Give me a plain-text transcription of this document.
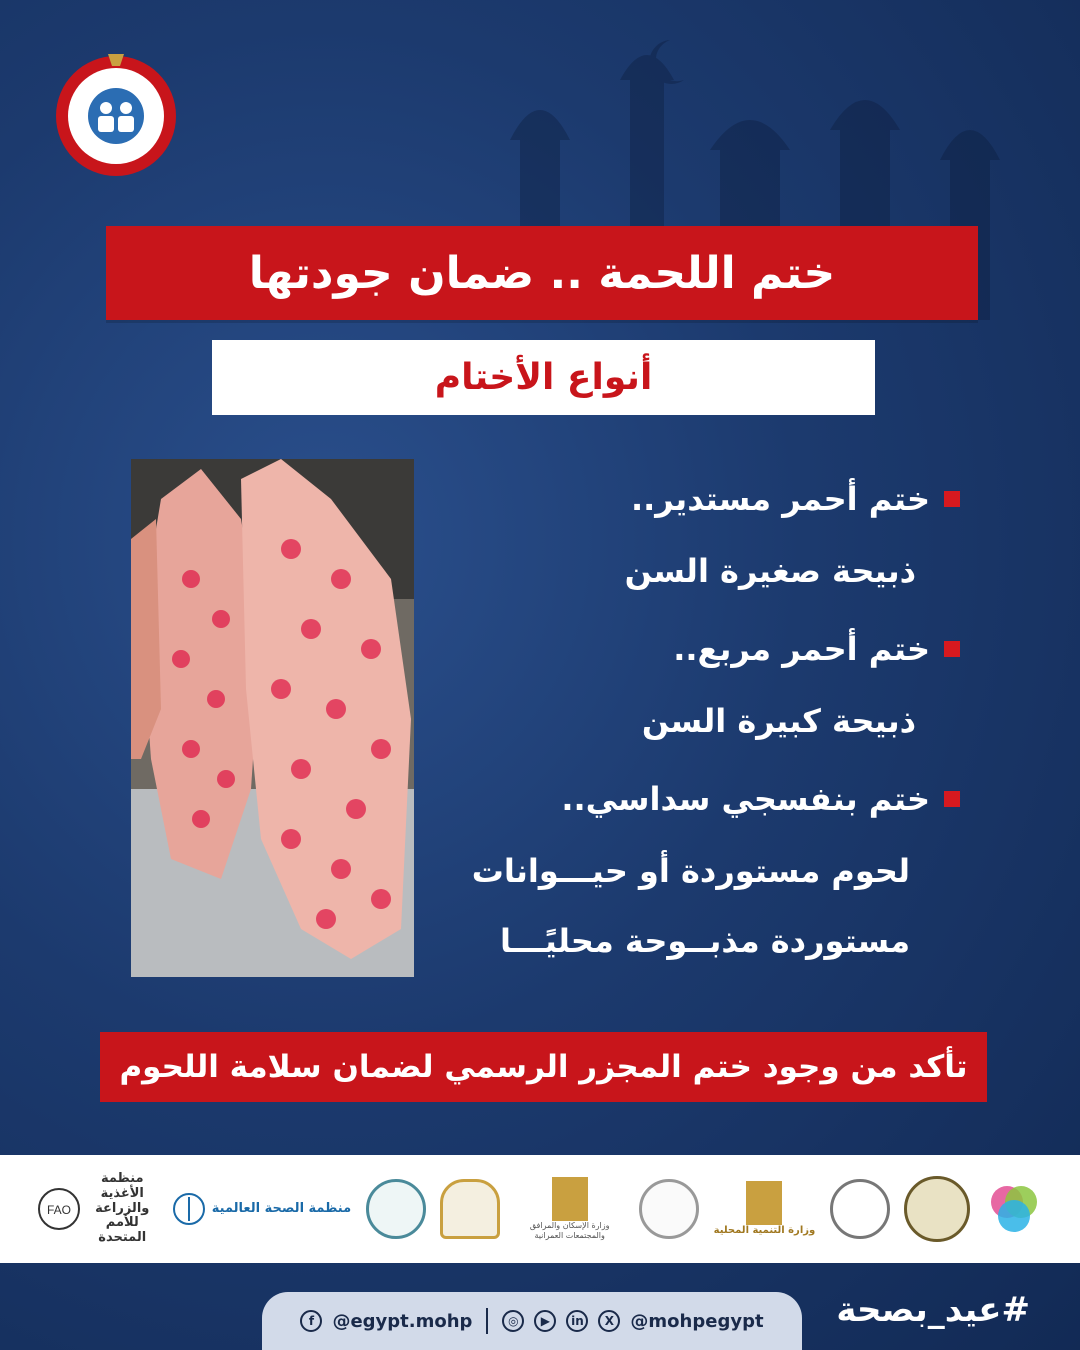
ختم اللحمة .. ضمان جودتها
أنواع الأختام
ختم أحمر مستدير
..
ذبيحة صغيرة السن
ختم أحمر مربع
..
ذبيحة كبيرة السن
ختم بنفسجي سداسي
..
لحوم مستوردة أو حيـــوانات
مستوردة مذبــوحة محليًـــا
تأكد من وجود ختم المجزر الرسمي لضمان سلامة اللحوم
منظمة الأغذية والزراعة للأمم المتحدة
FAO	منظمة الصحة العالمية
وزارة الإسكان والمرافق والمجتمعات العمرانية	وزارة التنمية المحلية
f	@egypt.mohp	◎	▶	in	X @mohpegypt #عيد_بصحة
